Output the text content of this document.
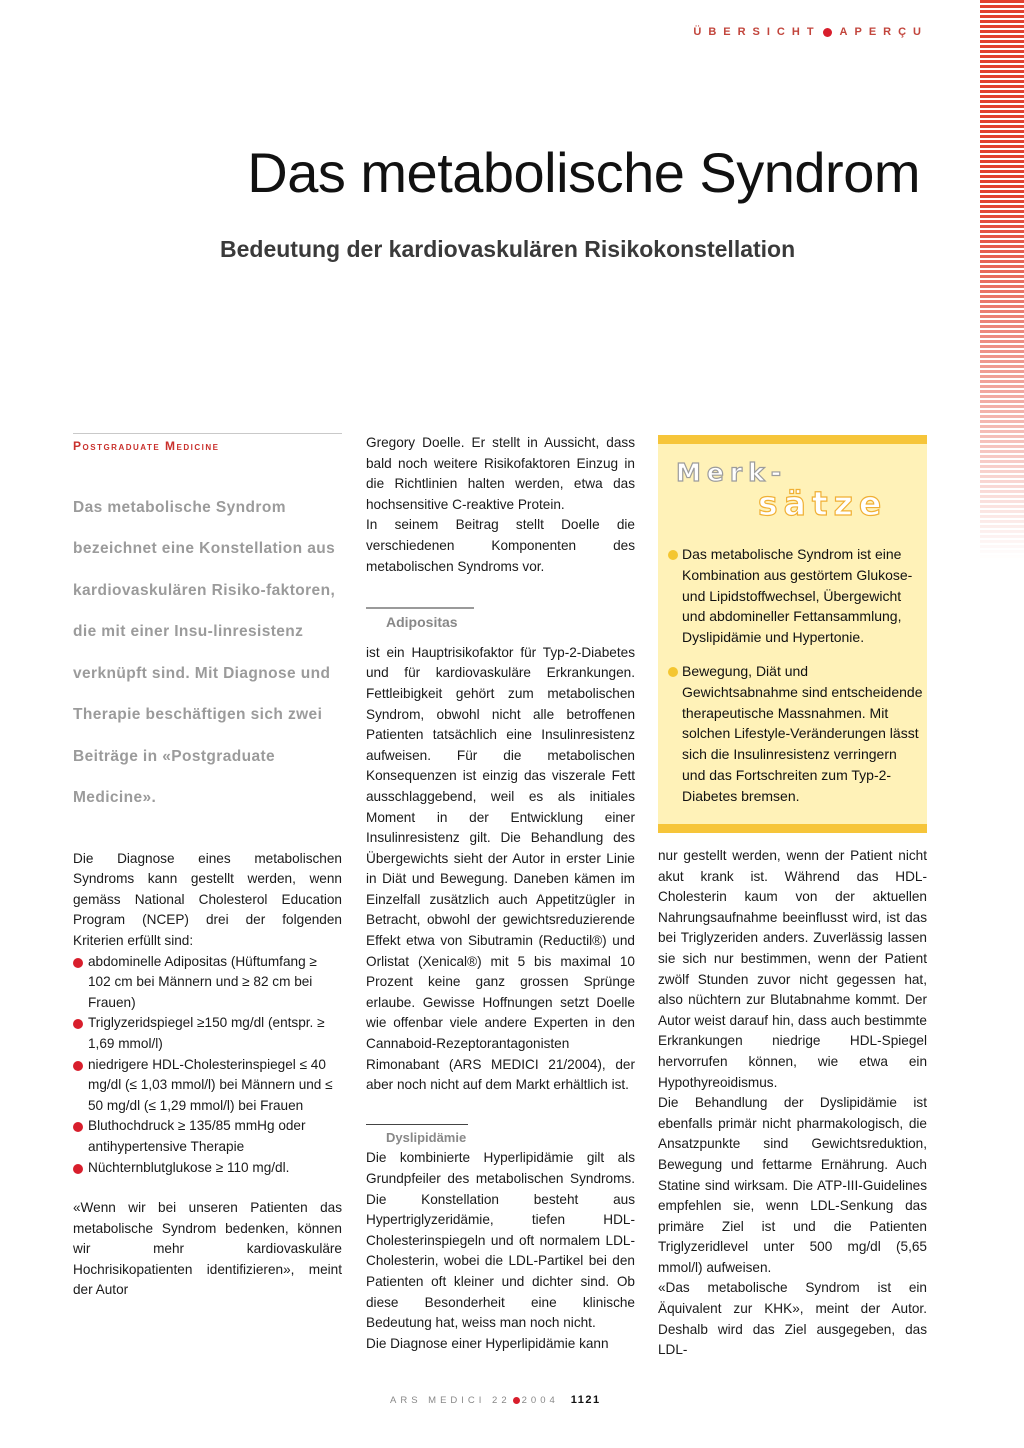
ÜBERSICHT APERÇU
Das metabolische Syndrom
Bedeutung der kardiovaskulären Risikokonstellation
Postgraduate Medicine
Das metabolische Syndrom bezeichnet eine Konstellation aus kardiovaskulären Risiko-faktoren, die mit einer Insu-linresistenz verknüpft sind. Mit Diagnose und Therapie beschäftigen sich zwei Beiträge in «Postgraduate Medicine».

Die Diagnose eines metabolischen Syndroms kann gestellt werden, wenn gemäss National Cholesterol Education Program (NCEP) drei der folgenden Kriterien erfüllt sind:

abdominelle Adipositas (Hüftumfang ≥ 102 cm bei Männern und ≥ 82 cm bei Frauen)
Triglyzeridspiegel ≥150 mg/dl (entspr. ≥ 1,69 mmol/l)
niedrigere HDL-Cholesterinspiegel ≤ 40 mg/dl (≤ 1,03 mmol/l) bei Männern und ≤ 50 mg/dl (≤ 1,29 mmol/l) bei Frauen
Bluthochdruck ≥ 135/85 mmHg oder antihypertensive Therapie
Nüchternblutglukose ≥ 110 mg/dl.

«Wenn wir bei unseren Patienten das metabolische Syndrom bedenken, können wir mehr kardiovaskuläre Hochrisikopatienten identifizieren», meint der Autor

Gregory Doelle. Er stellt in Aussicht, dass bald noch weitere Risikofaktoren Einzug in die Richtlinien halten werden, etwa das hochsensitive C-reaktive Protein.

In seinem Beitrag stellt Doelle die verschiedenen Komponenten des metabolischen Syndroms vor.

Adipositas

ist ein Hauptrisikofaktor für Typ-2-Diabetes und für kardiovaskuläre Erkrankungen. Fettleibigkeit gehört zum metabolischen Syndrom, obwohl nicht alle betroffenen Patienten tatsächlich eine Insulinresistenz aufweisen. Für die metabolischen Konsequenzen ist einzig das viszerale Fett ausschlaggebend, weil es als initiales Moment in der Entwicklung einer Insulinresistenz gilt. Die Behandlung des Übergewichts sieht der Autor in erster Linie in Diät und Bewegung. Daneben kämen im Einzelfall zusätzlich auch Appetitzügler in Betracht, obwohl der gewichtsreduzierende Effekt etwa von Sibutramin (Reductil®) und Orlistat (Xenical®) mit 5 bis maximal 10 Prozent keine ganz grossen Sprünge erlaube. Gewisse Hoffnungen setzt Doelle wie offenbar viele andere Experten in den Cannaboid-Rezeptorantagonisten Rimonabant (ARS MEDICI 21/2004), der aber noch nicht auf dem Markt erhältlich ist.

Dyslipidämie

Die kombinierte Hyperlipidämie gilt als Grundpfeiler des metabolischen Syndroms. Die Konstellation besteht aus Hypertriglyzeridämie, tiefen HDL-Cholesterinspiegeln und oft normalem LDL-Cholesterin, wobei die LDL-Partikel bei den Patienten oft kleiner und dichter sind. Ob diese Besonderheit eine klinische Bedeutung hat, weiss man noch nicht.

Die Diagnose einer Hyperlipidämie kann

Merk-
sätze
Das metabolische Syndrom ist eine Kombination aus gestörtem Glukose- und Lipidstoffwechsel, Übergewicht und abdomineller Fettansammlung, Dyslipidämie und Hypertonie.
Bewegung, Diät und Gewichtsabnahme sind entscheidende therapeutische Massnahmen. Mit solchen Lifestyle-Veränderungen lässt sich die Insulinresistenz verringern und das Fortschreiten zum Typ-2-Diabetes bremsen.

nur gestellt werden, wenn der Patient nicht akut krank ist. Während das HDL-Cholesterin kaum von der aktuellen Nahrungsaufnahme beeinflusst wird, ist das bei Triglyzeriden anders. Zuverlässig lassen sie sich nur bestimmen, wenn der Patient zwölf Stunden zuvor nicht gegessen hat, also nüchtern zur Blutabnahme kommt. Der Autor weist darauf hin, dass auch bestimmte Erkrankungen niedrige HDL-Spiegel hervorrufen können, wie etwa ein Hypothyreoidismus.

Die Behandlung der Dyslipidämie ist ebenfalls primär nicht pharmakologisch, die Ansatzpunkte sind Gewichtsreduktion, Bewegung und fettarme Ernährung. Auch Statine sind wirksam. Die ATP-III-Guidelines empfehlen sie, wenn LDL-Senkung das primäre Ziel ist und die Patienten Triglyzeridlevel unter 500 mg/dl (5,65 mmol/l) aufweisen.

«Das metabolische Syndrom ist ein Äquivalent zur KHK», meint der Autor. Deshalb wird das Ziel ausgegeben, das LDL-

ARS MEDICI 22 2004 1121
